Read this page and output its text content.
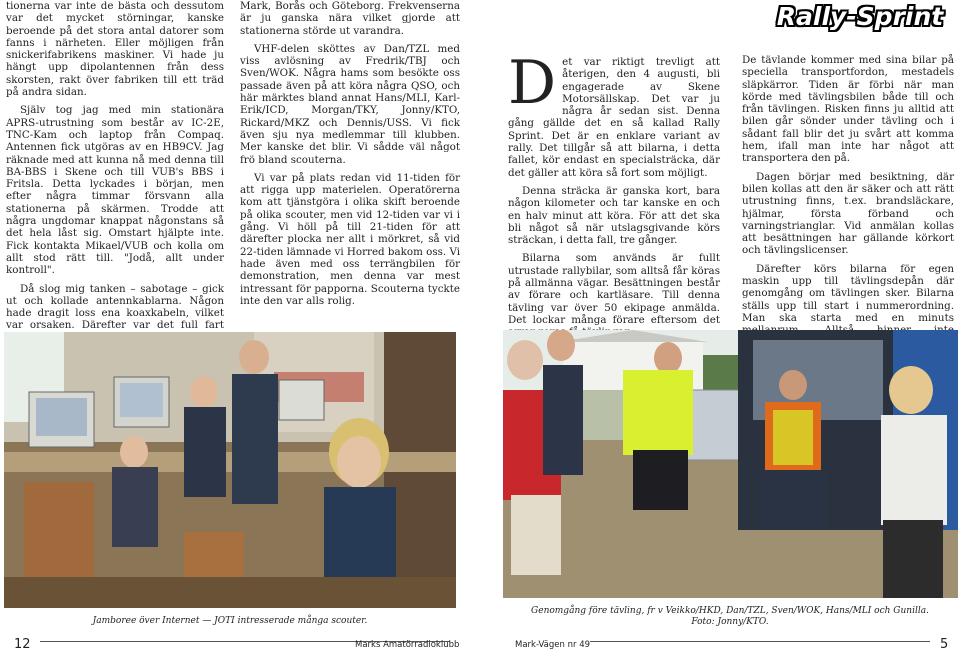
tionerna var inte de bästa och dessutom var det mycket störningar, kanske beroende på det stora antal datorer som fanns i närheten. Eller möjligen från snickerifabrikens maskiner. Vi hade ju hängt upp dipolantennen från dess skorsten, rakt över fabriken till ett träd på andra sidan.

Själv tog jag med min stationära APRS-utrustning som består av IC-2E, TNC-Kam och laptop från Compaq. Antennen fick utgöras av en HB9CV. Jag räknade med att kunna nå med denna till BA-BBS i Skene och till VUB's BBS i Fritsla. Detta lyckades i början, men efter några timmar försvann alla stationerna på skärmen. Trodde att några ungdomar knappat någonstans så det hela låst sig. Omstart hjälpte inte. Fick kontakta Mikael/VUB och kolla om allt stod rätt till. "Jodå, allt under kontroll".

Då slog mig tanken – sabotage – gick ut och kollade antennkablarna. Någon hade dragit loss ena koaxkabeln, vilket var orsaken. Därefter var det full fart

Mark, Borås och Göteborg. Frekvenserna är ju ganska nära vilket gjorde att stationerna störde ut varandra.

VHF-delen sköttes av Dan/TZL med viss avlösning av Fredrik/TBJ och Sven/WOK. Några hams som besökte oss passade även på att köra några QSO, och här märktes bland annat Hans/MLI, Karl-Erik/ICD, Morgan/TKY, Jonny/KTO, Rickard/MKZ och Dennis/USS. Vi fick även sju nya medlemmar till klubben. Mer kanske det blir. Vi sådde väl något frö bland scouterna.

Vi var på plats redan vid 11-tiden för att rigga upp materielen. Operatörerna kom att tjänstgöra i olika skift beroende på olika scouter, men vid 12-tiden var vi i gång. Vi höll på till 21-tiden för att därefter plocka ner allt i mörkret, så vid 22-tiden lämnade vi Horred bakom oss. Vi hade även med oss terrängbilen för demonstration, men denna var mest intressant för papporna. Scouterna tyckte inte den var alls rolig.

Rally-Sprint

Det var riktigt trevligt att återigen, den 4 augusti, bli engagerade av Skene Motorsällskap. Det var ju några år sedan sist. Denna gång gällde det en så kallad Rally Sprint. Det är en enklare variant av rally. Det tillgår så att bilarna, i detta fallet, kör endast en specialsträcka, där det gäller att köra så fort som möjligt.

Denna sträcka är ganska kort, bara någon kilometer och tar kanske en och en halv minut att köra. För att det ska bli något så när utslagsgivande körs sträckan, i detta fall, tre gånger.

Bilarna som används är fullt utrustade rallybilar, som alltså får köras på allmänna vägar. Besättningen består av förare och kartläsare. Till denna tävling var över 50 ekipage anmälda. Det lockar många förare eftersom det

De tävlande kommer med sina bilar på speciella transportfordon, mestadels släpkärror. Tiden är förbi när man körde med tävlingsbilen både till och från tävlingen. Risken finns ju alltid att bilen går sönder under tävling och i sådant fall blir det ju svårt att komma hem, ifall man inte har något att transportera den på.

Dagen börjar med besiktning, där bilen kollas att den är säker och att rätt utrustning finns, t.ex. brandsläckare, hjälmar, första förband och varningstrianglar. Vid anmälan kollas att besättningen har gällande körkort och tävlingslicenser.

Därefter körs bilarna för egen maskin upp till tävlingsdepån där genomgång om tävlingen sker. Bilarna ställs upp till start i nummerordning. Man ska starta med en minuts

Jamboree över Internet — JOTI intresserade många scouter.
Genomgång före tävling, fr v Veikko/HKD, Dan/TZL, Sven/WOK, Hans/MLI och Gunilla.
Foto: Jonny/KTO.
12	Marks Amatörradioklubb	Mark-Vägen nr 49	5
